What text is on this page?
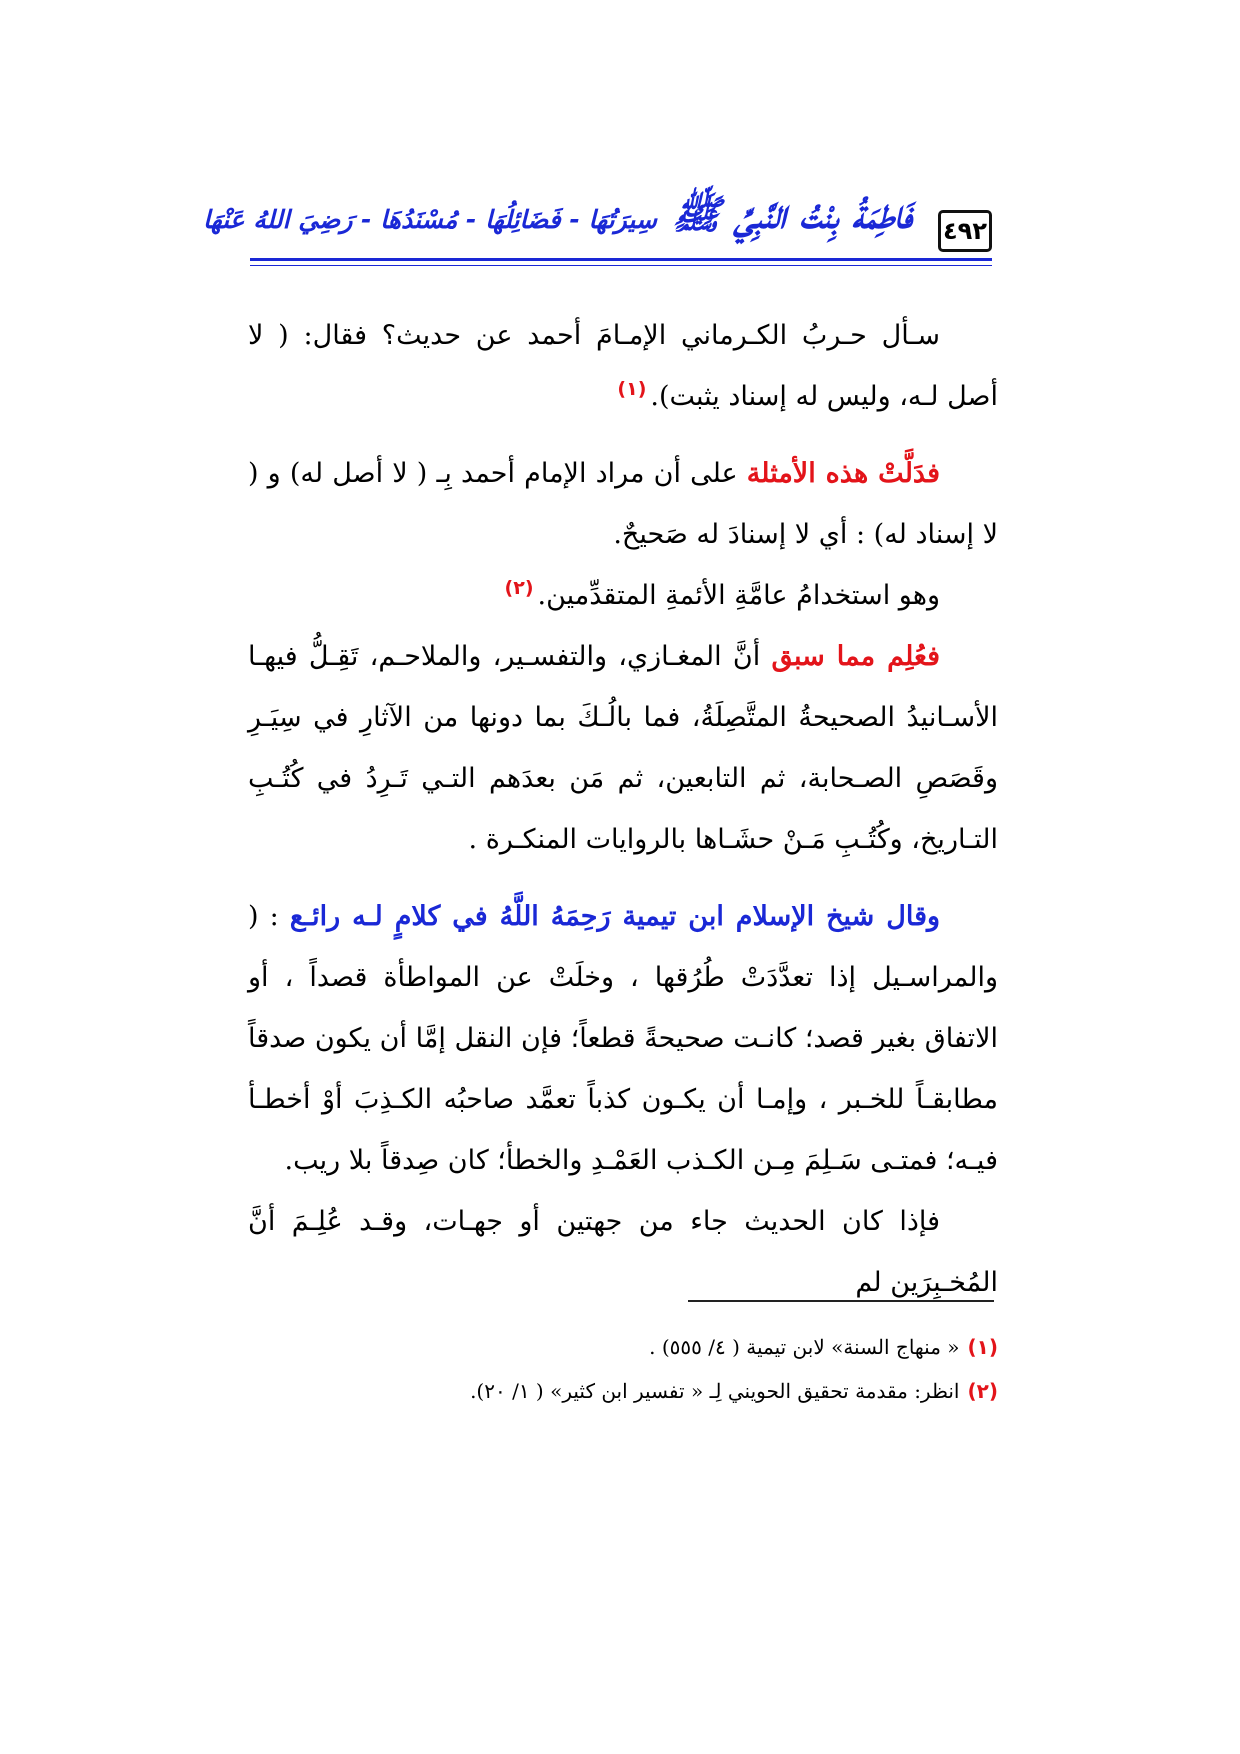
٤٩٢
فَاطِمَةُ بِنْتُ النَّبِيِّ ﷺ سِيرَتُهَا - فَضَائِلُهَا - مُسْنَدُهَا - رَضِيَ اللهُ عَنْهَا

سـأل حـربُ الكـرماني الإمـامَ أحمد عن حديث؟ فقال: ( لا أصل لـه، وليس له إسناد يثبت).$^{(١)}$

فدَلَّتْ هذه الأمثلة على أن مراد الإمام أحمد بِـ ( لا أصل له) و ( لا إسناد له) : أي لا إسنادَ له صَحيحٌ.

وهو استخدامُ عامَّةِ الأئمةِ المتقدِّمين.$^{(٢)}$

فعُلِم مما سبق أنَّ المغـازي، والتفسـير، والملاحـم، تَقِـلُّ فيهـا الأسـانيدُ الصحيحةُ المتَّصِلَةُ، فما بالُـكَ بما دونها من الآثارِ في سِيَـرِ وقَصَصِ الصـحابة، ثم التابعين، ثم مَن بعدَهم التـي تَـرِدُ في كُتُـبِ التـاريخ، وكُتُـبِ مَـنْ حشَـاها بالروايات المنكـرة .

وقال شيخ الإسلام ابن تيمية رَحِمَهُ اللَّهُ في كلامٍ لـه رائـع : ( والمراسـيل إذا تعدَّدَتْ طُرُقها ، وخلَتْ عن المواطأة قصداً ، أو الاتفاق بغير قصد؛ كانـت صحيحةً قطعاً؛ فإن النقل إمَّا أن يكون صدقاً مطابقـاً للخـبر ، وإمـا أن يكـون كذباً تعمَّد صاحبُه الكـذِبَ أوْ أخطـأ فيـه؛ فمتـى سَـلِمَ مِـن الكـذب العَمْـدِ والخطأ؛ كان صِدقاً بلا ريب.

فإذا كان الحديث جاء من جهتين أو جهـات، وقـد عُلِـمَ أنَّ المُخـبِرَين لم

(١)« منهاج السنة» لابن تيمية ( ٤/ ٥٥٥) .

(٢)انظر: مقدمة تحقيق الحويني لِـ « تفسير ابن كثير» ( ١/ ٢٠).
